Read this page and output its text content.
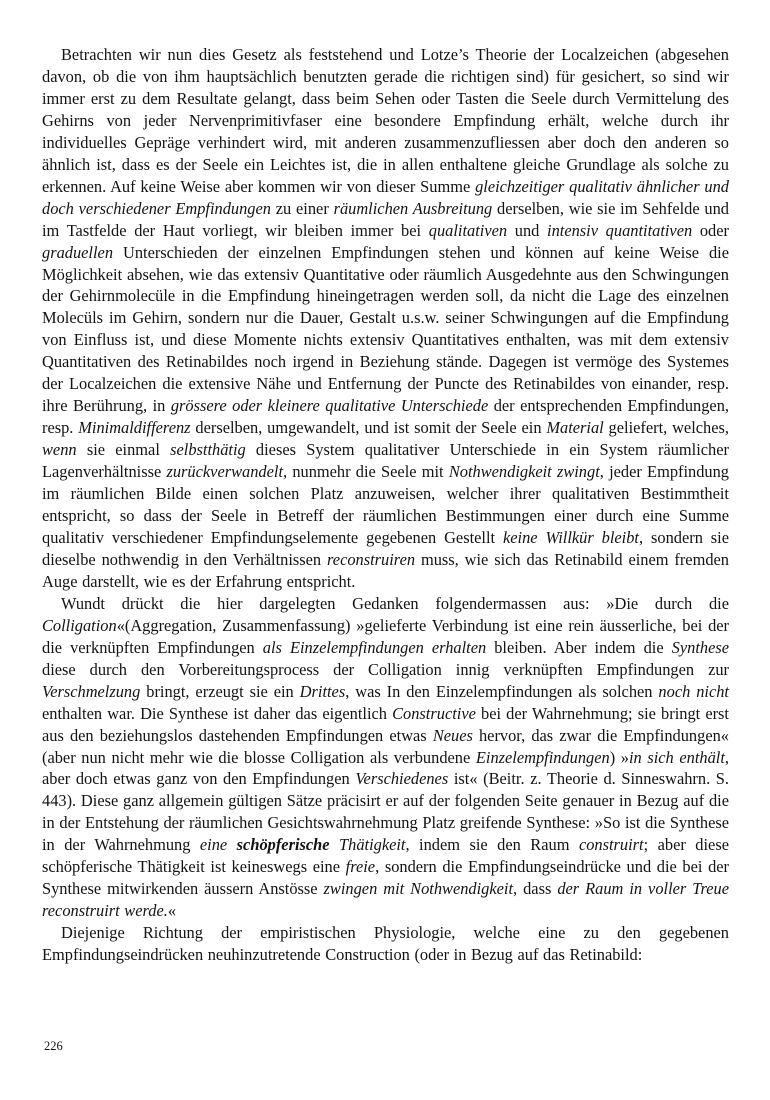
Betrachten wir nun dies Gesetz als feststehend und Lotze’s Theorie der Localzeichen (abgesehen davon, ob die von ihm hauptsächlich benutzten gerade die richtigen sind) für gesichert, so sind wir immer erst zu dem Resultate gelangt, dass beim Sehen oder Tasten die Seele durch Vermittelung des Gehirns von jeder Nervenprimitivfaser eine besondere Empfindung erhält, welche durch ihr individuelles Gepräge verhindert wird, mit anderen zusammenzufliessen aber doch den anderen so ähnlich ist, dass es der Seele ein Leichtes ist, die in allen enthaltene gleiche Grundlage als solche zu erkennen. Auf keine Weise aber kommen wir von dieser Summe gleichzeitiger qualitativ ähnlicher und doch verschiedener Empfindungen zu einer räumlichen Ausbreitung derselben, wie sie im Sehfelde und im Tastfelde der Haut vorliegt, wir bleiben immer bei qualitativen und intensiv quantitativen oder graduellen Unterschieden der einzelnen Empfindungen stehen und können auf keine Weise die Möglichkeit absehen, wie das extensiv Quantitative oder räumlich Ausgedehnte aus den Schwingungen der Gehirnmolecüle in die Empfindung hineingetragen werden soll, da nicht die Lage des einzelnen Molecüls im Gehirn, sondern nur die Dauer, Gestalt u.s.w. seiner Schwingungen auf die Empfindung von Einfluss ist, und diese Momente nichts extensiv Quantitatives enthalten, was mit dem extensiv Quantitativen des Retinabildes noch irgend in Beziehung stände. Dagegen ist vermöge des Systemes der Localzeichen die extensive Nähe und Entfernung der Puncte des Retinabildes von einander, resp. ihre Berührung, in grössere oder kleinere qualitative Unterschiede der entsprechenden Empfindungen, resp. Minimaldifferenz derselben, umgewandelt, und ist somit der Seele ein Material geliefert, welches, wenn sie einmal selbstthätig dieses System qualitativer Unterschiede in ein System räumlicher Lagenverhältnisse zurückverwandelt, nunmehr die Seele mit Nothwendigkeit zwingt, jeder Empfindung im räumlichen Bilde einen solchen Platz anzuweisen, welcher ihrer qualitativen Bestimmtheit entspricht, so dass der Seele in Betreff der räumlichen Bestimmungen einer durch eine Summe qualitativ verschiedener Empfindungselemente gegebenen Gestellt keine Willkür bleibt, sondern sie dieselbe nothwendig in den Verhältnissen reconstruiren muss, wie sich das Retinabild einem fremden Auge darstellt, wie es der Erfahrung entspricht.

Wundt drückt die hier dargelegten Gedanken folgendermassen aus: »Die durch die Colligation«(Aggregation, Zusammenfassung) »gelieferte Verbindung ist eine rein äusserliche, bei der die verknüpften Empfindungen als Einzelempfindungen erhalten bleiben. Aber indem die Synthese diese durch den Vorbereitungsprocess der Colligation innig verknüpften Empfindungen zur Verschmelzung bringt, erzeugt sie ein Drittes, was In den Einzelempfindungen als solchen noch nicht enthalten war. Die Synthese ist daher das eigentlich Constructive bei der Wahrnehmung; sie bringt erst aus den beziehungslos dastehenden Empfindungen etwas Neues hervor, das zwar die Empfindungen« (aber nun nicht mehr wie die blosse Colligation als verbundene Einzelempfindungen) »in sich enthält, aber doch etwas ganz von den Empfindungen Verschiedenes ist« (Beitr. z. Theorie d. Sinneswahrn. S. 443). Diese ganz allgemein gültigen Sätze präcisirt er auf der folgenden Seite genauer in Bezug auf die in der Entstehung der räumlichen Gesichtswahrnehmung Platz greifende Synthese: »So ist die Synthese in der Wahrnehmung eine schöpferische Thätigkeit, indem sie den Raum construirt; aber diese schöpferische Thätigkeit ist keineswegs eine freie, sondern die Empfindungseindrücke und die bei der Synthese mitwirkenden äussern Anstösse zwingen mit Nothwendigkeit, dass der Raum in voller Treue reconstruirt werde.«

Diejenige Richtung der empiristischen Physiologie, welche eine zu den gegebenen Empfindungseindrücken neuhinzutretende Construction (oder in Bezug auf das Retinabild:

226
